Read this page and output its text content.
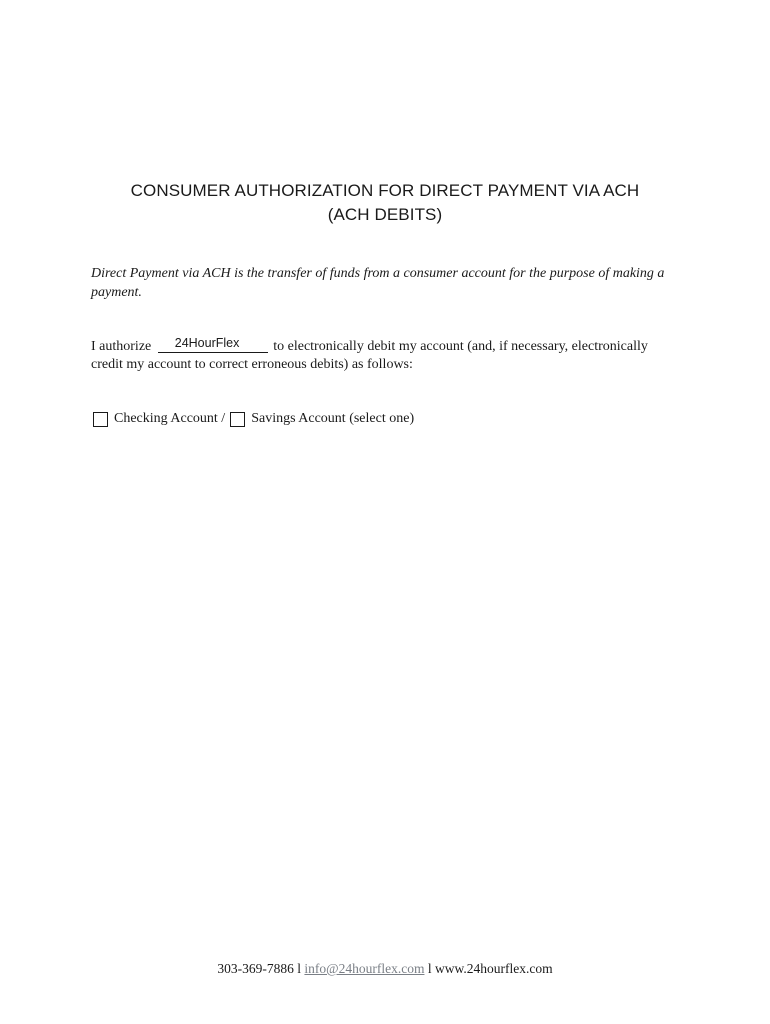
CONSUMER AUTHORIZATION FOR DIRECT PAYMENT VIA ACH
(ACH DEBITS)
Direct Payment via ACH is the transfer of funds from a consumer account for the purpose of making a payment.
I authorize 24HourFlex to electronically debit my account (and, if necessary, electronically
credit my account to correct erroneous debits) as follows:
Checking Account / Savings Account (select one)
303-369-7886 l info@24hourflex.com l www.24hourflex.com
